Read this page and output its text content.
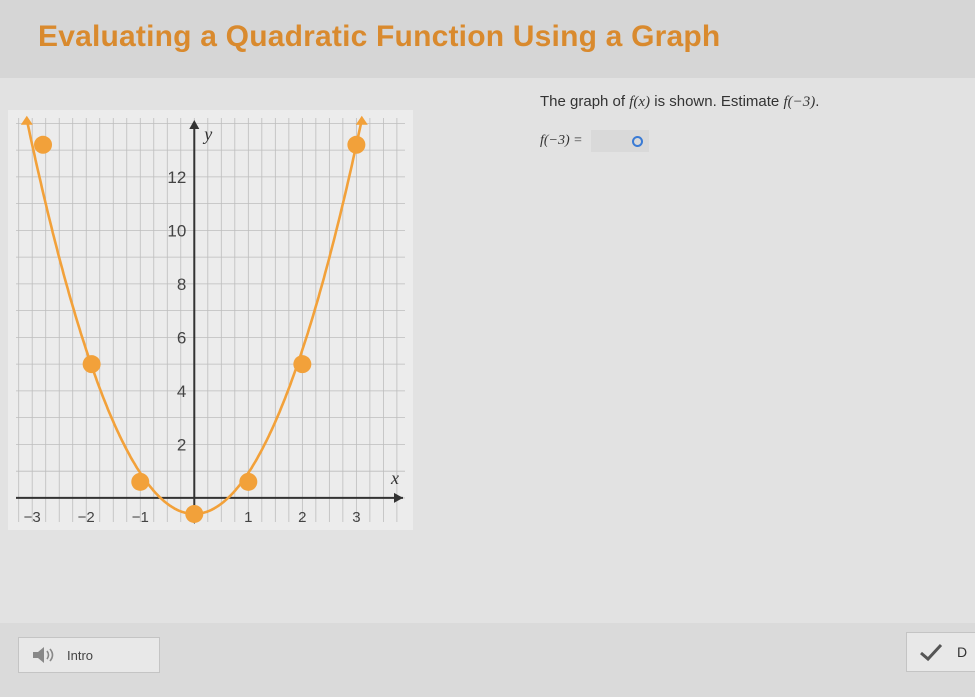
Evaluating a Quadratic Function Using a Graph
−3 −2 −1	1	2	3
2
4
6
8
10
12
x
y
The graph of f(x) is shown. Estimate f(−3).
f(−3) =
Intro	D
